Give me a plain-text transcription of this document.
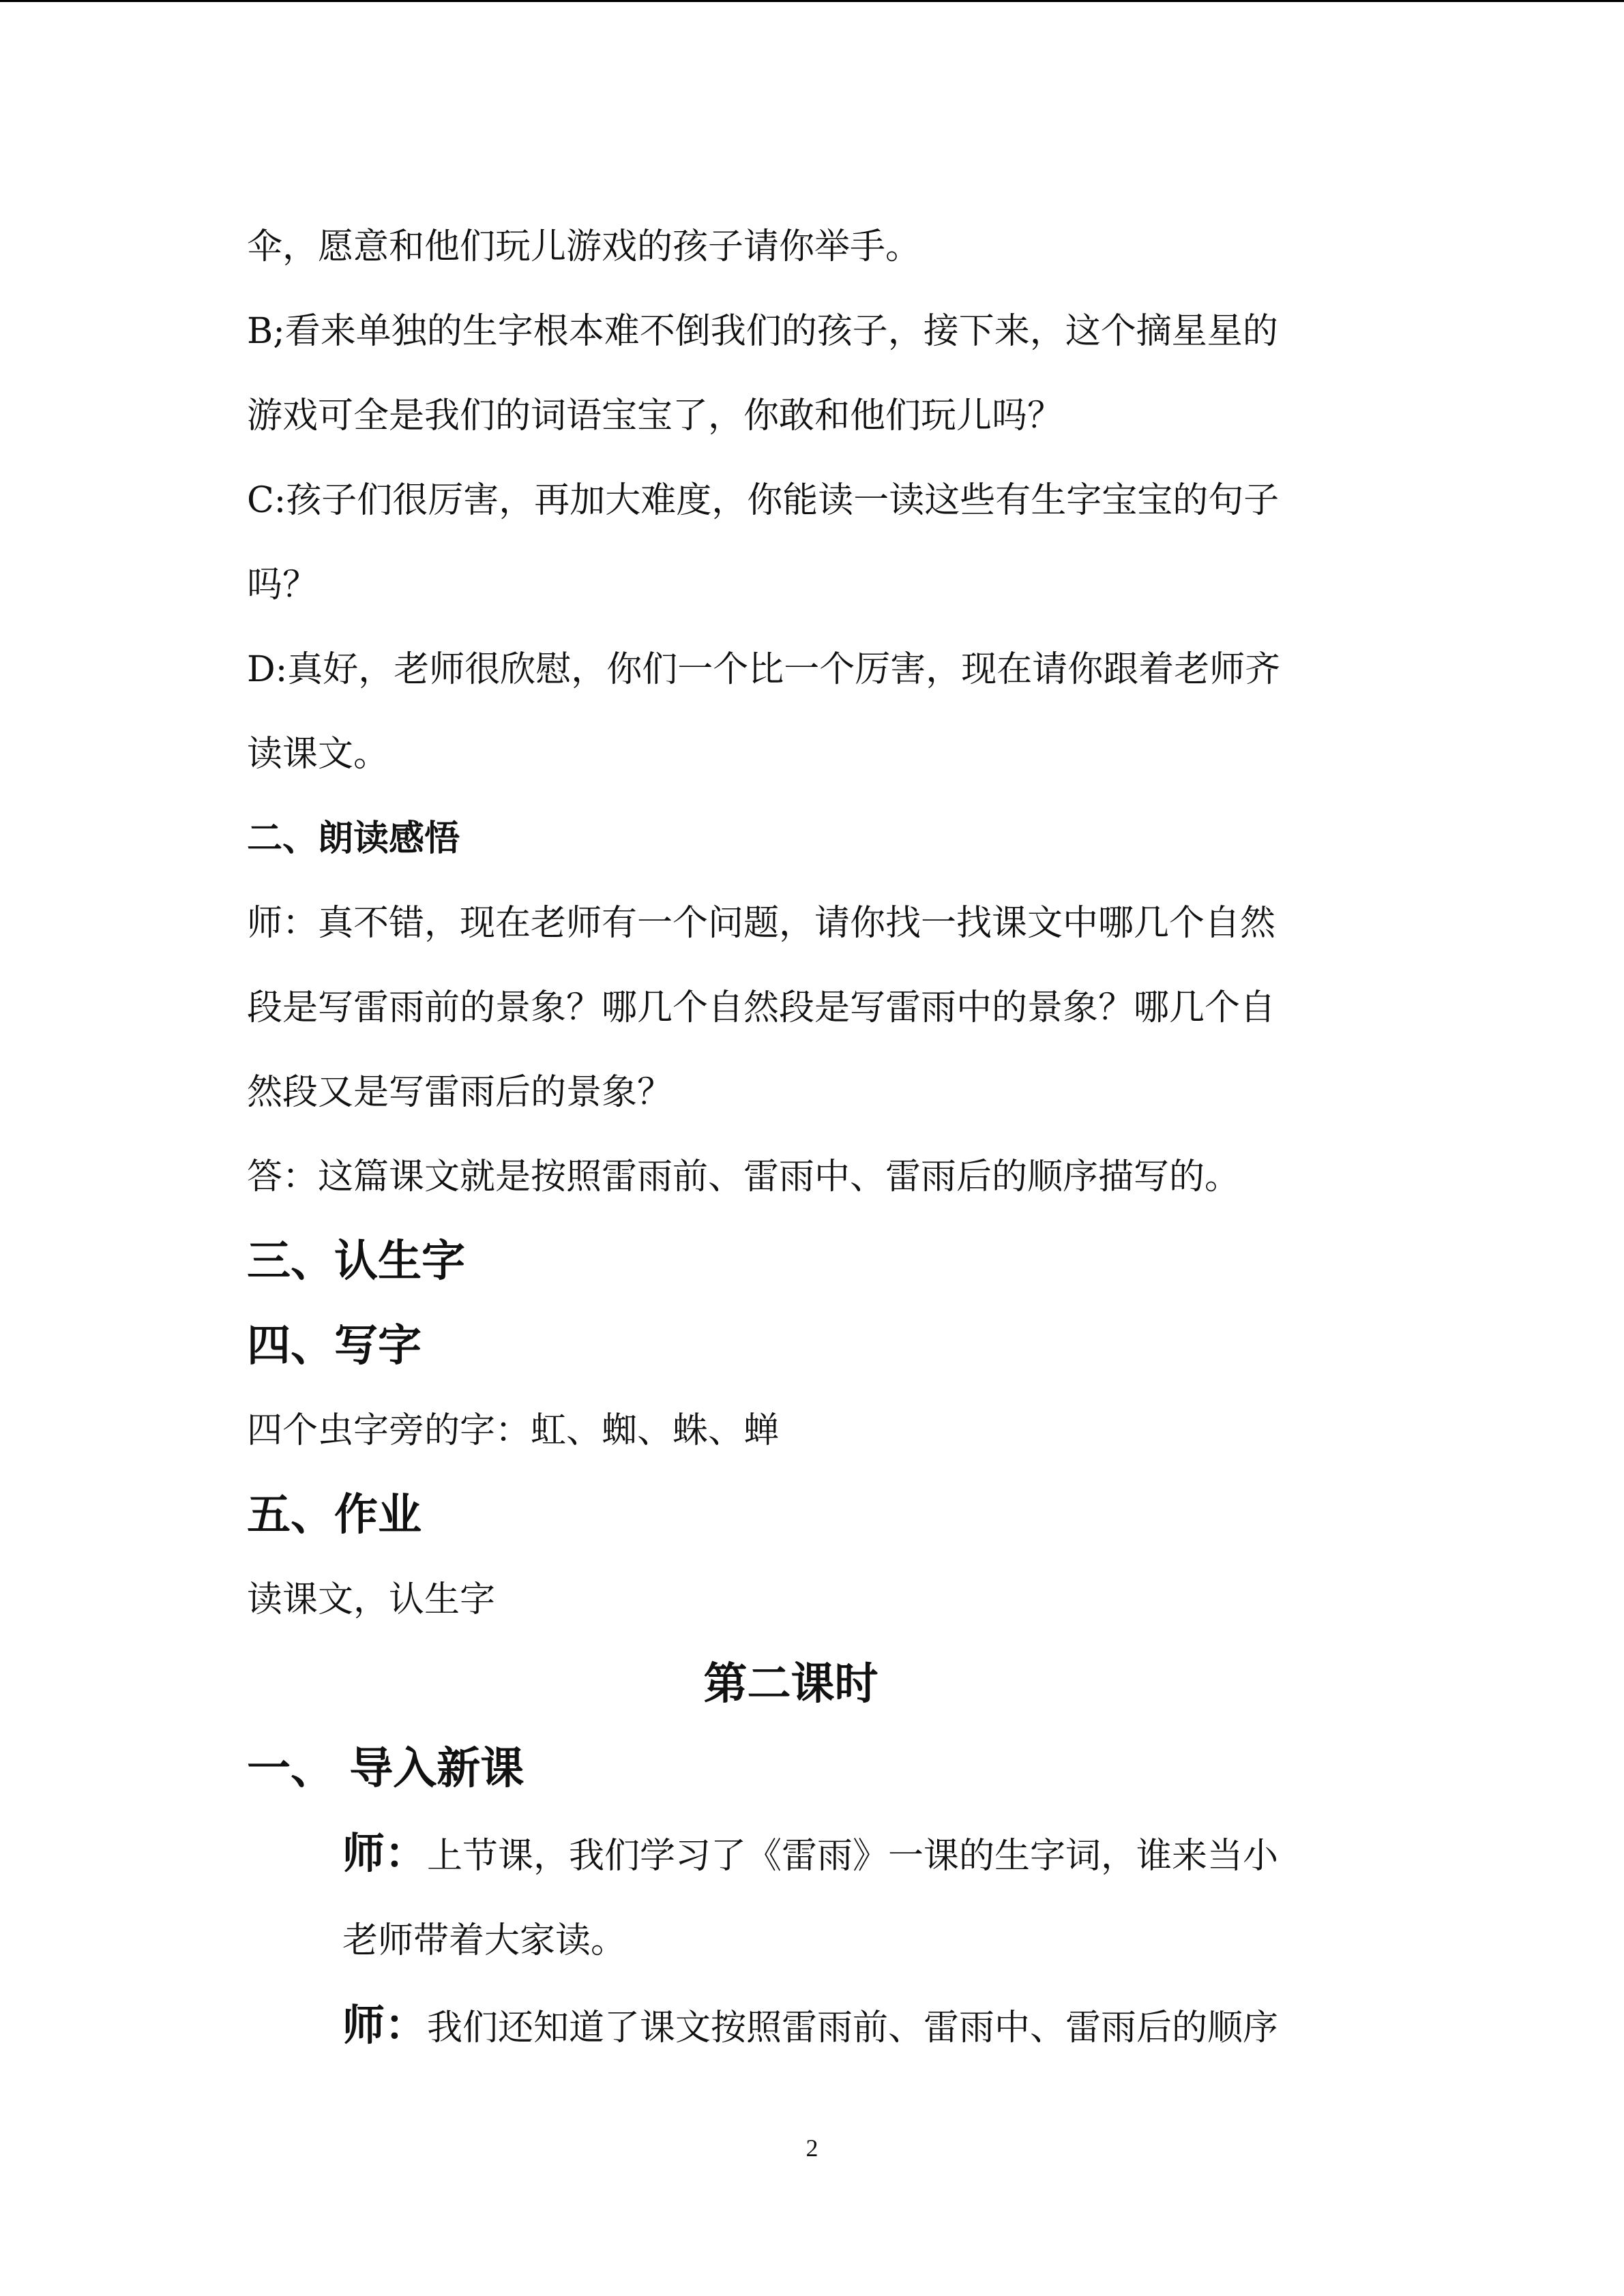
伞，愿意和他们玩儿游戏的孩子请你举手。

B;看来单独的生字根本难不倒我们的孩子，接下来，这个摘星星的

游戏可全是我们的词语宝宝了，你敢和他们玩儿吗？

C:孩子们很厉害，再加大难度，你能读一读这些有生字宝宝的句子

吗？

D:真好，老师很欣慰，你们一个比一个厉害，现在请你跟着老师齐

读课文。

二、朗读感悟

师：真不错，现在老师有一个问题，请你找一找课文中哪几个自然

段是写雷雨前的景象？哪几个自然段是写雷雨中的景象？哪几个自

然段又是写雷雨后的景象？

答：这篇课文就是按照雷雨前、雷雨中、雷雨后的顺序描写的。

三、认生字

四、写字

四个虫字旁的字：虹、蜘、蛛、蝉

五、作业

读课文，认生字

第二课时

一、 导入新课

师：上节课，我们学习了《雷雨》一课的生字词，谁来当小

老师带着大家读。

师：我们还知道了课文按照雷雨前、雷雨中、雷雨后的顺序

2
